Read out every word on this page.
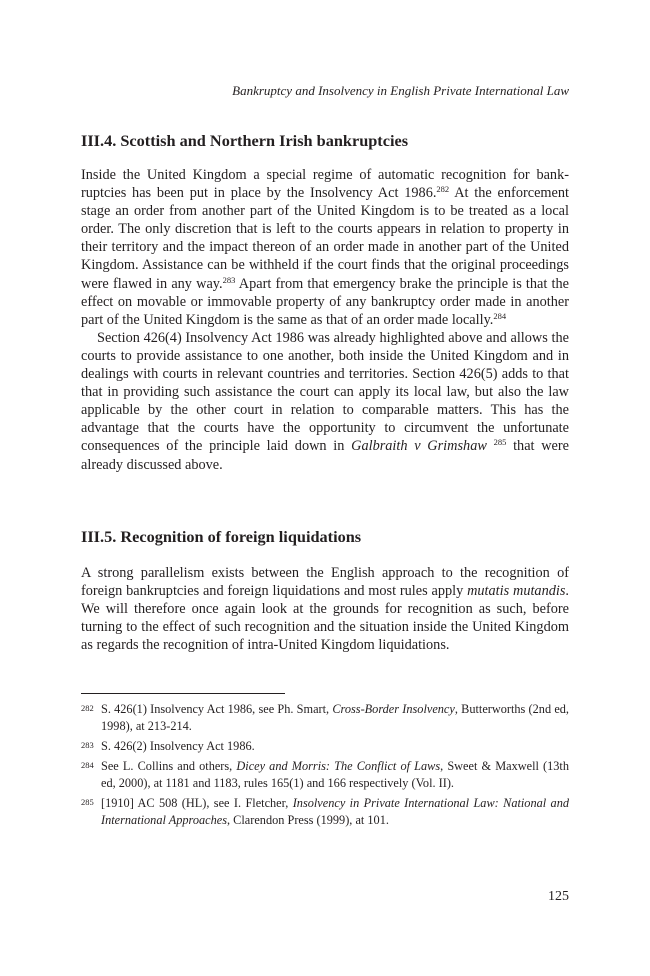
Bankruptcy and Insolvency in English Private International Law
III.4. Scottish and Northern Irish bankruptcies

Inside the United Kingdom a special regime of automatic recognition for bankruptcies has been put in place by the Insolvency Act 1986.$^{282}$ At the enforcement stage an order from another part of the United Kingdom is to be treated as a local order. The only discretion that is left to the courts appears in relation to property in their territory and the impact thereon of an order made in another part of the United Kingdom. Assistance can be withheld if the court finds that the original proceedings were flawed in any way.$^{283}$ Apart from that emergency brake the principle is that the effect on movable or immovable property of any bankruptcy order made in another part of the United Kingdom is the same as that of an order made locally.$^{284}$

Section 426(4) Insolvency Act 1986 was already highlighted above and allows the courts to provide assistance to one another, both inside the United Kingdom and in dealings with courts in relevant countries and territories. Section 426(5) adds to that that in providing such assistance the court can apply its local law, but also the law applicable by the other court in relation to comparable matters. This has the advantage that the courts have the opportunity to circumvent the unfortunate consequences of the principle laid down in Galbraith v Grimshaw $^{285}$ that were already discussed above.

III.5. Recognition of foreign liquidations

A strong parallelism exists between the English approach to the recognition of foreign bankruptcies and foreign liquidations and most rules apply mutatis mutandis. We will therefore once again look at the grounds for recognition as such, before turning to the effect of such recognition and the situation inside the United Kingdom as regards the recognition of intra-United Kingdom liquidations.

282 S. 426(1) Insolvency Act 1986, see Ph. Smart, Cross-Border Insolvency, Butterworths (2nd ed, 1998), at 213-214.
283 S. 426(2) Insolvency Act 1986.
284 See L. Collins and others, Dicey and Morris: The Conflict of Laws, Sweet & Maxwell (13th ed, 2000), at 1181 and 1183, rules 165(1) and 166 respectively (Vol. II).
285 [1910] AC 508 (HL), see I. Fletcher, Insolvency in Private International Law: National and International Approaches, Clarendon Press (1999), at 101.
125
